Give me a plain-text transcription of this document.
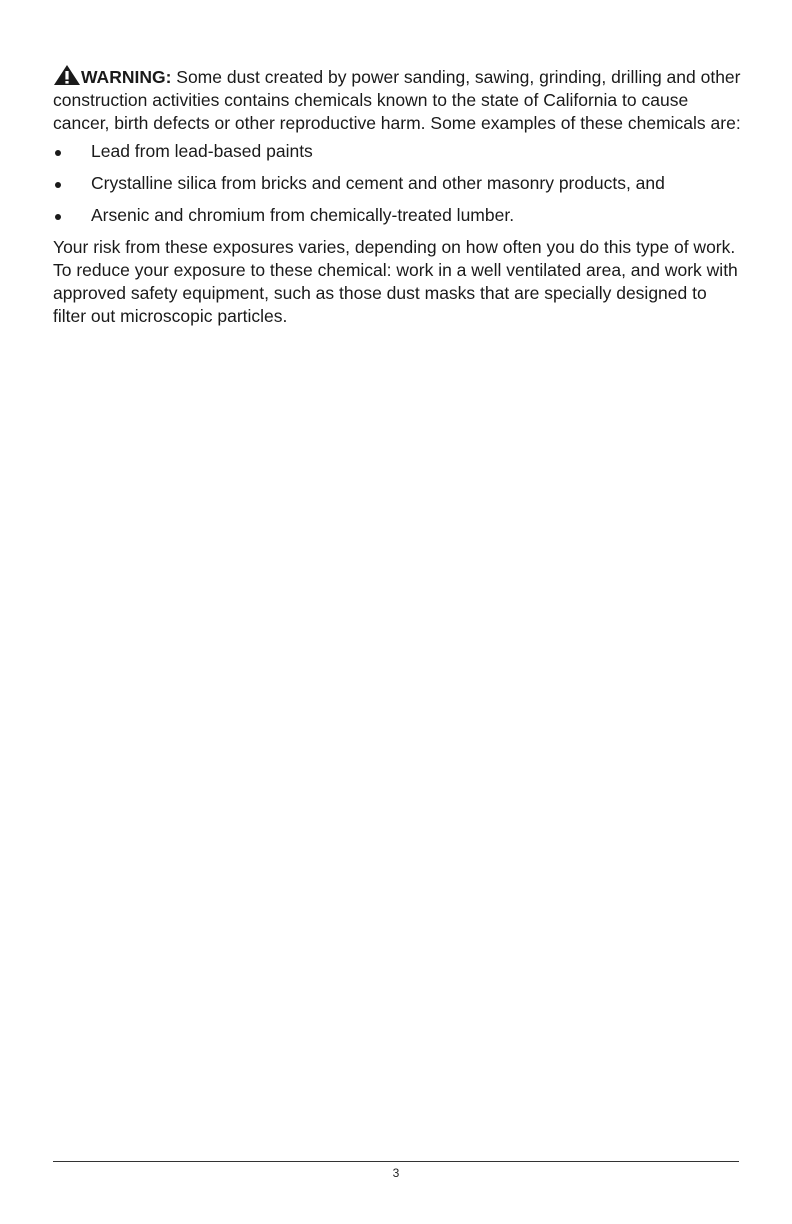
WARNING: Some dust created by power sanding, sawing, grinding, drilling and other construction activities contains chemicals known to the state of California to cause cancer, birth defects or other reproductive harm. Some examples of these chemicals are:

Lead from lead-based paints
Crystalline silica from bricks and cement and other masonry products, and
Arsenic and chromium from chemically-treated lumber.

Your risk from these exposures varies, depending on how often you do this type of work. To reduce your exposure to these chemical: work in a well ventilated area, and work with approved safety equipment, such as those dust masks that are specially designed to filter out microscopic particles.

3
